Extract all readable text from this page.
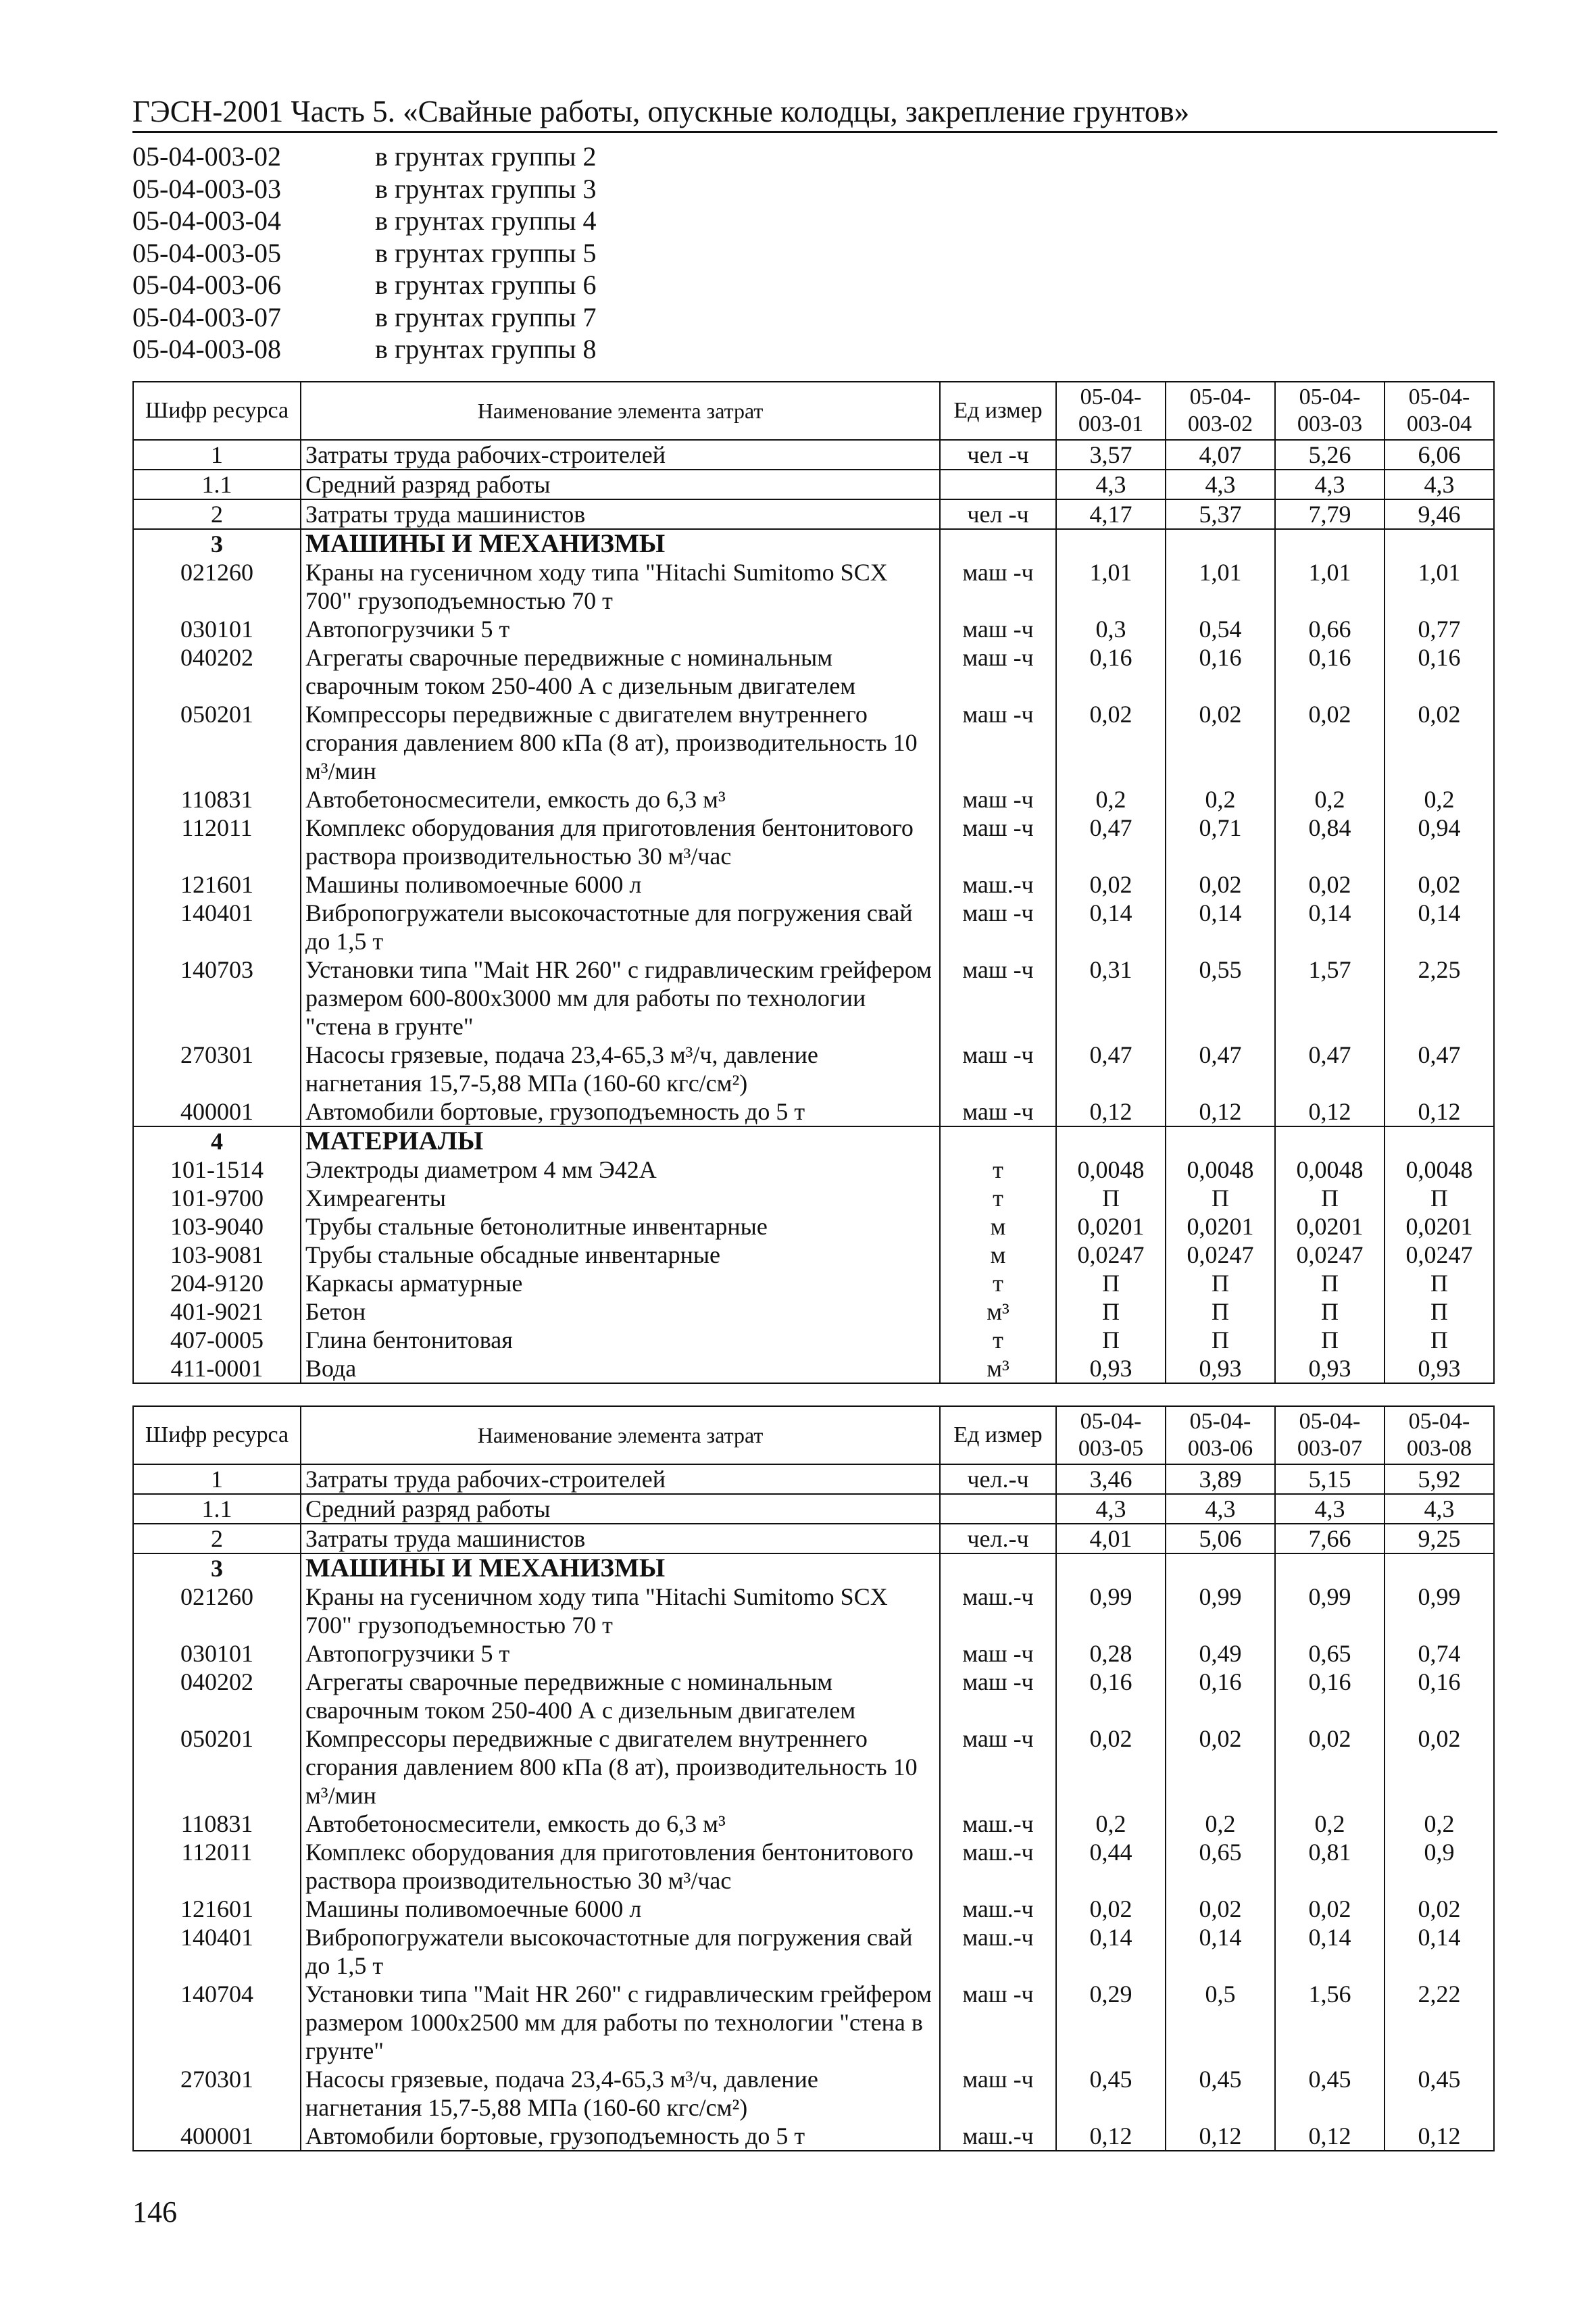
ГЭСН-2001 Часть 5. «Свайные работы, опускные колодцы, закрепление грунтов»
05-04-003-02	в грунтах группы 2
05-04-003-03	в грунтах группы 3
05-04-003-04	в грунтах группы 4
05-04-003-05	в грунтах группы 5
05-04-003-06	в грунтах группы 6
05-04-003-07	в грунтах группы 7
05-04-003-08	в грунтах группы 8
Шифр ресурса	Наименование элемента затрат	Ед измер	05-04-003-01	05-04-003-02	05-04-003-03	05-04-003-04
1	Затраты труда рабочих-строителей	чел -ч	3,57	4,07	5,26	6,06
1.1	Средний разряд работы		4,3	4,3	4,3	4,3
2	Затраты труда машинистов	чел -ч	4,17	5,37	7,79	9,46
3	МАШИНЫ И МЕХАНИЗМЫ					
021260	Краны на гусеничном ходу типа "Hitachi Sumitomo SCX 700" грузоподъемностью 70 т	маш -ч	1,01	1,01	1,01	1,01
030101	Автопогрузчики 5 т	маш -ч	0,3	0,54	0,66	0,77
040202	Агрегаты сварочные передвижные с номинальным сварочным током 250-400 А с дизельным двигателем	маш -ч	0,16	0,16	0,16	0,16
050201	Компрессоры передвижные с двигателем внутреннего сгорания давлением 800 кПа (8 ат), производительность 10 м³/мин	маш -ч	0,02	0,02	0,02	0,02
110831	Автобетоносмесители, емкость до 6,3 м³	маш -ч	0,2	0,2	0,2	0,2
112011	Комплекс оборудования для приготовления бентонитового раствора производительностью 30 м³/час	маш -ч	0,47	0,71	0,84	0,94
121601	Машины поливомоечные 6000 л	маш.-ч	0,02	0,02	0,02	0,02
140401	Вибропогружатели высокочастотные для погружения свай до 1,5 т	маш -ч	0,14	0,14	0,14	0,14
140703	Установки типа "Mait HR 260" с гидравлическим грейфером размером 600-800х3000 мм для работы по технологии "стена в грунте"	маш -ч	0,31	0,55	1,57	2,25
270301	Насосы грязевые, подача 23,4-65,3 м³/ч, давление нагнетания 15,7-5,88 МПа (160-60 кгс/см²)	маш -ч	0,47	0,47	0,47	0,47
400001	Автомобили бортовые, грузоподъемность до 5 т	маш -ч	0,12	0,12	0,12	0,12
4	МАТЕРИАЛЫ					
101-1514	Электроды диаметром 4 мм Э42А	т	0,0048	0,0048	0,0048	0,0048
101-9700	Химреагенты	т	П	П	П	П
103-9040	Трубы стальные бетонолитные инвентарные	м	0,0201	0,0201	0,0201	0,0201
103-9081	Трубы стальные обсадные инвентарные	м	0,0247	0,0247	0,0247	0,0247
204-9120	Каркасы арматурные	т	П	П	П	П
401-9021	Бетон	м³	П	П	П	П
407-0005	Глина бентонитовая	т	П	П	П	П
411-0001	Вода	м³	0,93	0,93	0,93	0,93
Шифр ресурса	Наименование элемента затрат	Ед измер	05-04-003-05	05-04-003-06	05-04-003-07	05-04-003-08
1	Затраты труда рабочих-строителей	чел.-ч	3,46	3,89	5,15	5,92
1.1	Средний разряд работы		4,3	4,3	4,3	4,3
2	Затраты труда машинистов	чел.-ч	4,01	5,06	7,66	9,25
3	МАШИНЫ И МЕХАНИЗМЫ					
021260	Краны на гусеничном ходу типа "Hitachi Sumitomo SCX 700" грузоподъемностью 70 т	маш.-ч	0,99	0,99	0,99	0,99
030101	Автопогрузчики 5 т	маш -ч	0,28	0,49	0,65	0,74
040202	Агрегаты сварочные передвижные с номинальным сварочным током 250-400 А с дизельным двигателем	маш -ч	0,16	0,16	0,16	0,16
050201	Компрессоры передвижные с двигателем внутреннего сгорания давлением 800 кПа (8 ат), производительность 10 м³/мин	маш -ч	0,02	0,02	0,02	0,02
110831	Автобетоносмесители, емкость до 6,3 м³	маш.-ч	0,2	0,2	0,2	0,2
112011	Комплекс оборудования для приготовления бентонитового раствора производительностью 30 м³/час	маш.-ч	0,44	0,65	0,81	0,9
121601	Машины поливомоечные 6000 л	маш.-ч	0,02	0,02	0,02	0,02
140401	Вибропогружатели высокочастотные для погружения свай до 1,5 т	маш.-ч	0,14	0,14	0,14	0,14
140704	Установки типа "Mait HR 260" с гидравлическим грейфером размером 1000х2500 мм для работы по технологии "стена в грунте"	маш -ч	0,29	0,5	1,56	2,22
270301	Насосы грязевые, подача 23,4-65,3 м³/ч, давление нагнетания 15,7-5,88 МПа (160-60 кгс/см²)	маш -ч	0,45	0,45	0,45	0,45
400001	Автомобили бортовые, грузоподъемность до 5 т	маш.-ч	0,12	0,12	0,12	0,12
146
